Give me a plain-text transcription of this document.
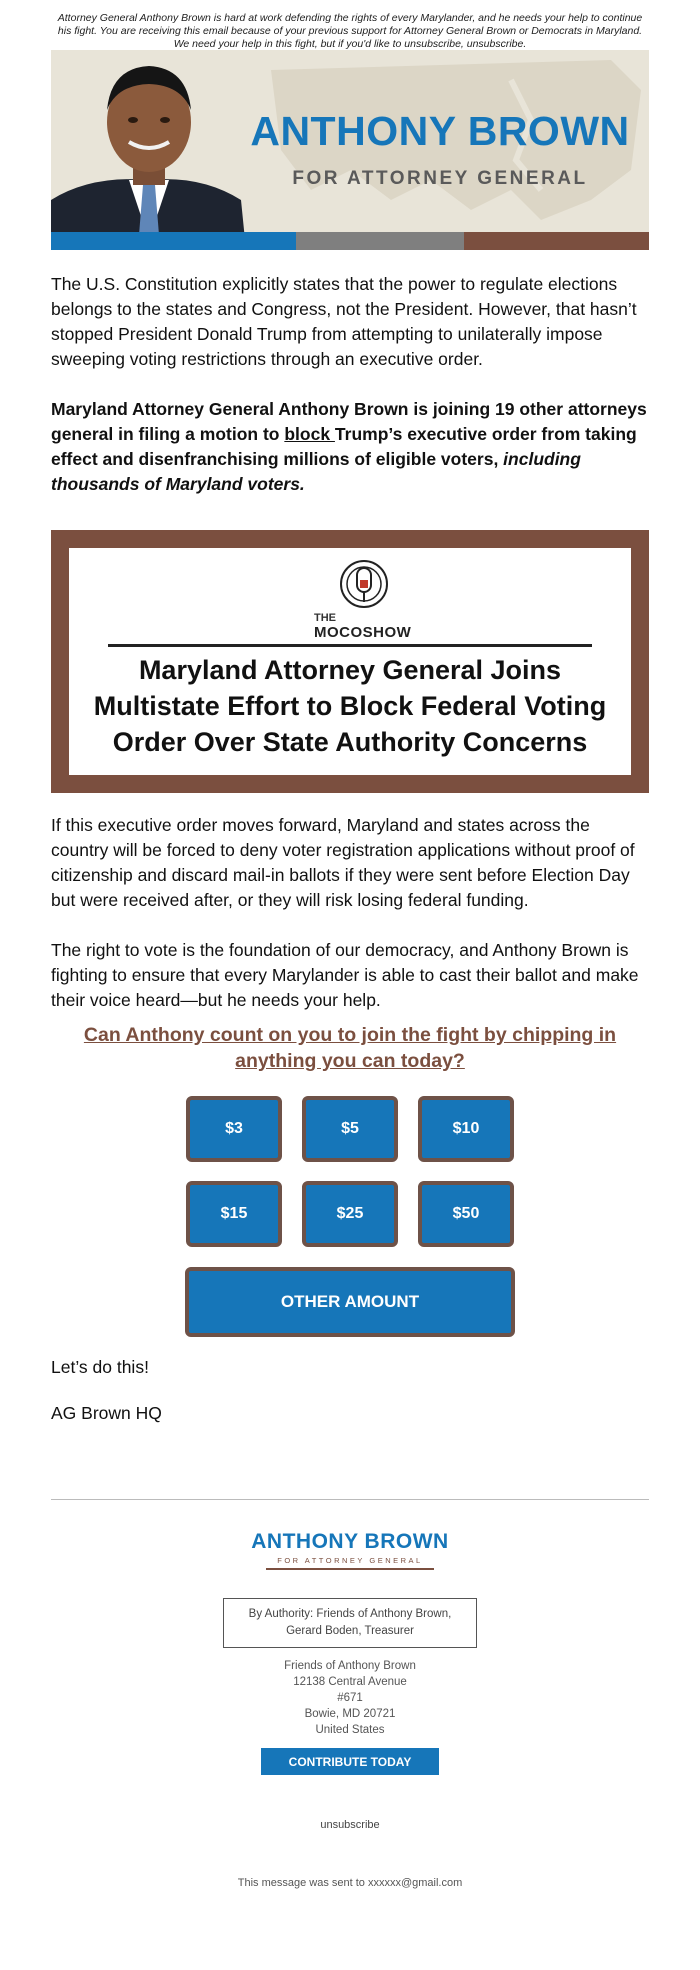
Attorney General Anthony Brown is hard at work defending the rights of every Marylander, and he needs your help to continue his fight. You are receiving this email because of your previous support for Attorney General Brown or Democrats in Maryland. We need your help in this fight, but if you'd like to unsubscribe, unsubscribe.
ANTHONY BROWN
FOR ATTORNEY GENERAL

The U.S. Constitution explicitly states that the power to regulate elections belongs to the states and Congress, not the President. However, that hasn’t stopped President Donald Trump from attempting to unilaterally impose sweeping voting restrictions through an executive order.

Maryland Attorney General Anthony Brown is joining 19 other attorneys general in filing a motion to block Trump’s executive order from taking effect and disenfranchising millions of eligible voters, including thousands of Maryland voters.

THE
MOCOSHOW
Maryland Attorney General Joins Multistate Effort to Block Federal Voting Order Over State Authority Concerns

If this executive order moves forward, Maryland and states across the country will be forced to deny voter registration applications without proof of citizenship and discard mail-in ballots if they were sent before Election Day but were received after, or they will risk losing federal funding.

The right to vote is the foundation of our democracy, and Anthony Brown is fighting to ensure that every Marylander is able to cast their ballot and make their voice heard—but he needs your help.

Can Anthony count on you to join the fight by chipping in anything you can today?
$3	$5	$10
$15	$25	$50
OTHER AMOUNT
Let’s do this!
AG Brown HQ
ANTHONY BROWN
FOR ATTORNEY GENERAL
By Authority: Friends of Anthony Brown,
Gerard Boden, Treasurer
Friends of Anthony Brown
12138 Central Avenue
#671
Bowie, MD 20721
United States
CONTRIBUTE TODAY
unsubscribe
This message was sent to xxxxxx@gmail.com
